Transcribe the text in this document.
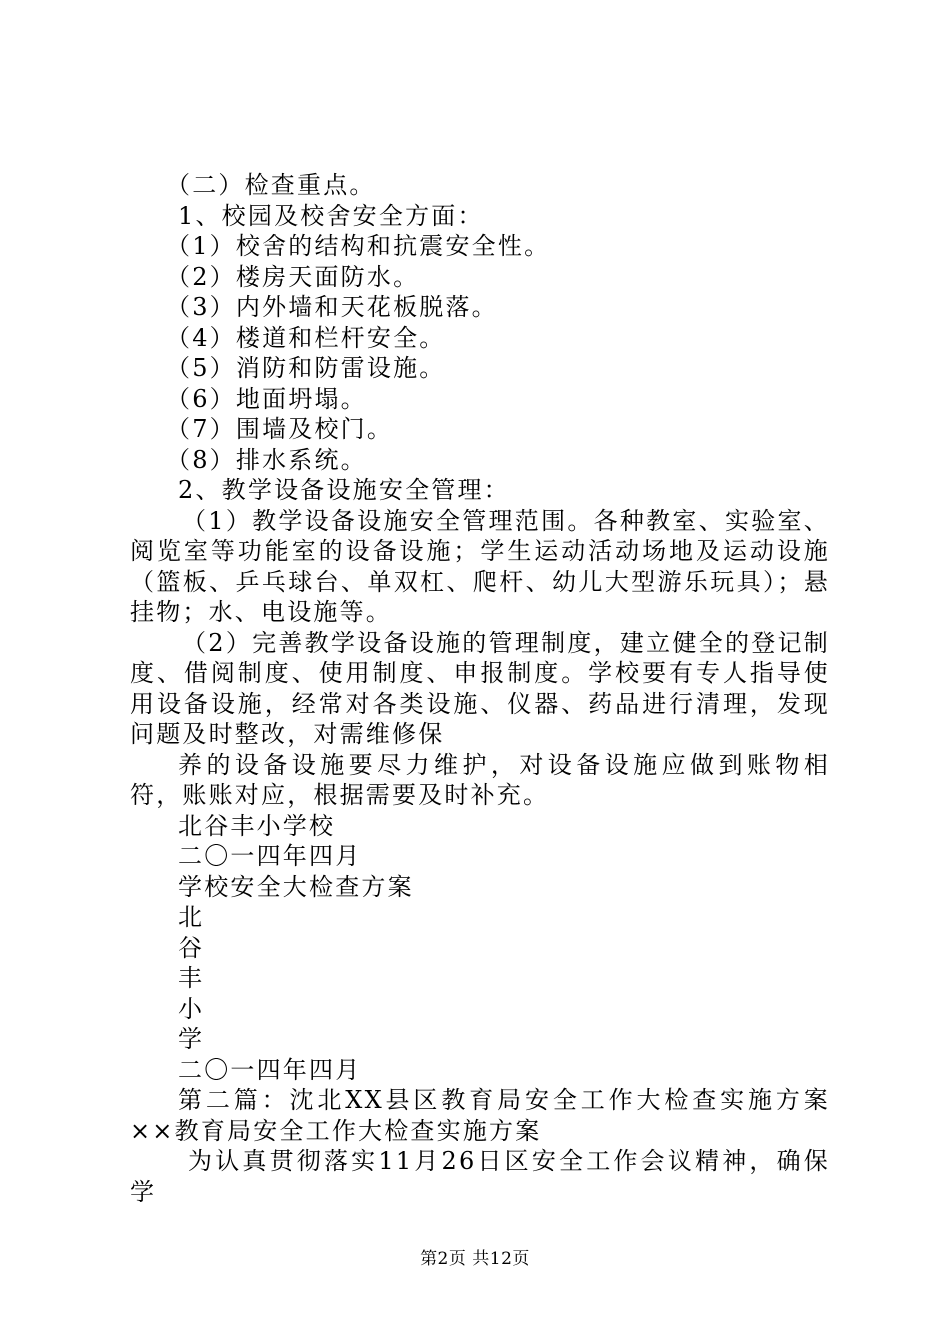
（二）检查重点。
1、校园及校舍安全方面：
（1）校舍的结构和抗震安全性。
（2）楼房天面防水。
（3）内外墙和天花板脱落。
（4）楼道和栏杆安全。
（5）消防和防雷设施。
（6）地面坍塌。
（7）围墙及校门。
（8）排水系统。
2、教学设备设施安全管理：
（1）教学设备设施安全管理范围。各种教室、实验室、阅览室等功能室的设备设施；学生运动活动场地及运动设施（篮板、乒乓球台、单双杠、爬杆、幼儿大型游乐玩具）；悬挂物；水、电设施等。
（2）完善教学设备设施的管理制度，建立健全的登记制度、借阅制度、使用制度、申报制度。学校要有专人指导使用设备设施，经常对各类设施、仪器、药品进行清理，发现问题及时整改，对需维修保
养的设备设施要尽力维护，对设备设施应做到账物相符，账账对应，根据需要及时补充。
北谷丰小学校
二〇一四年四月
学校安全大检查方案
北
谷
丰
小
学
二〇一四年四月
第二篇：沈北XX县区教育局安全工作大检查实施方案××教育局安全工作大检查实施方案
为认真贯彻落实11月26日区安全工作会议精神，确保学
第2页 共12页
